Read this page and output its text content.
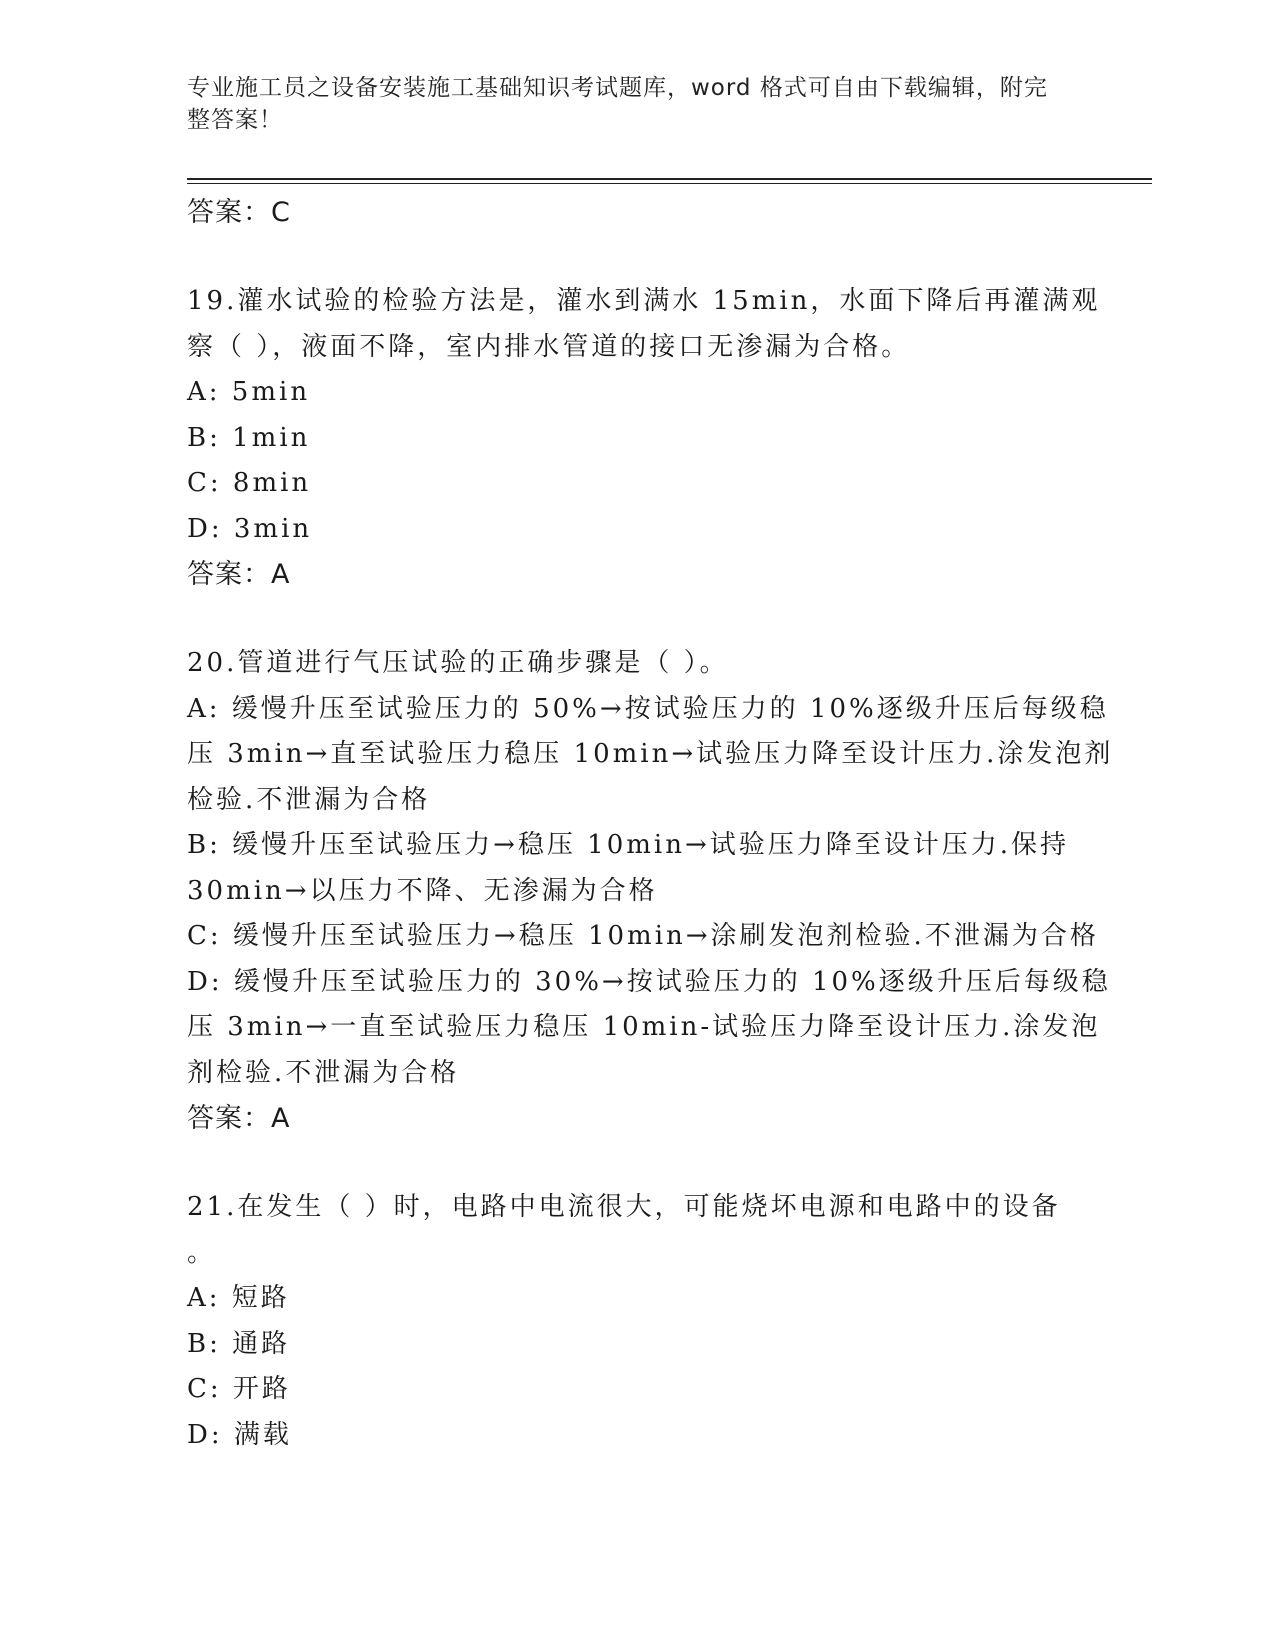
专业施工员之设备安装施工基础知识考试题库，word 格式可自由下载编辑，附完
整答案！
答案：C
19.灌水试验的检验方法是，灌水到满水 15min，水面下降后再灌满观
察（ ），液面不降，室内排水管道的接口无渗漏为合格。
A: 5min
B: 1min
C: 8min
D: 3min
答案：A
20.管道进行气压试验的正确步骤是（ ）。
A: 缓慢升压至试验压力的 50%→按试验压力的 10%逐级升压后每级稳
压 3min→直至试验压力稳压 10min→试验压力降至设计压力.涂发泡剂
检验.不泄漏为合格
B: 缓慢升压至试验压力→稳压 10min→试验压力降至设计压力.保持
30min→以压力不降、无渗漏为合格
C: 缓慢升压至试验压力→稳压 10min→涂刷发泡剂检验.不泄漏为合格
D: 缓慢升压至试验压力的 30%→按试验压力的 10%逐级升压后每级稳
压 3min→一直至试验压力稳压 10min-试验压力降至设计压力.涂发泡
剂检验.不泄漏为合格
答案：A
21.在发生（ ）时，电路中电流很大，可能烧坏电源和电路中的设备
。
A: 短路
B: 通路
C: 开路
D: 满载
